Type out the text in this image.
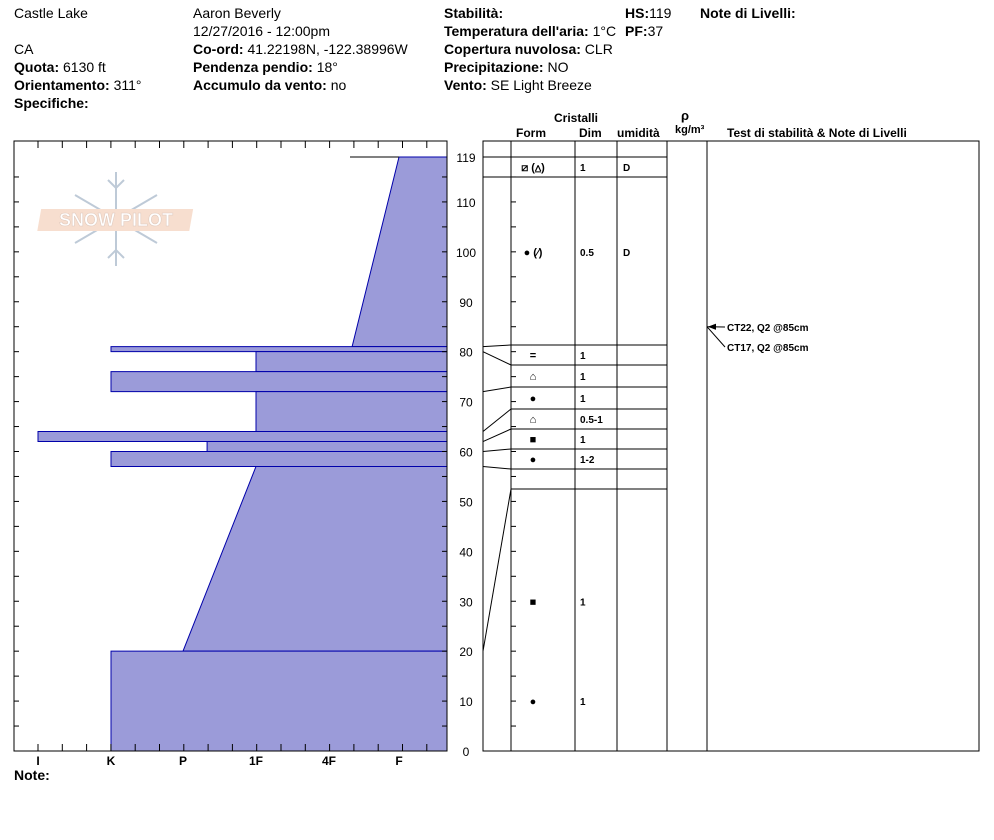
Castle Lake
CA
Quota: 6130 ft
Orientamento: 311°
Specifiche:
Aaron Beverly
12/27/2016 - 12:00pm
Co-ord: 41.22198N, -122.38996W
Pendenza pendio: 18°
Accumulo da vento: no
Stabilità:
Temperatura dell'aria: 1°C
Copertura nuvolosa: CLR
Precipitazione: NO
Vento: SE Light Breeze
HS:119
PF:37
Note di Livelli:
Cristalli
Form	Dim umidità
ρ
kg/m³ Test di stabilità & Note di Livelli
Note:
SNOW PILOT
I	K	P	1F	4F	F
0
10
20
30
40
50
60
70
80
90
100
110
119
⧄ (⩟)	1	D
● (⁄)	0.5	D
=	1
⌂	1
●	1
⌂	0.5-1
■	1
●	1-2
■	1
●	1
CT22, Q2 @85cm
CT17, Q2 @85cm
